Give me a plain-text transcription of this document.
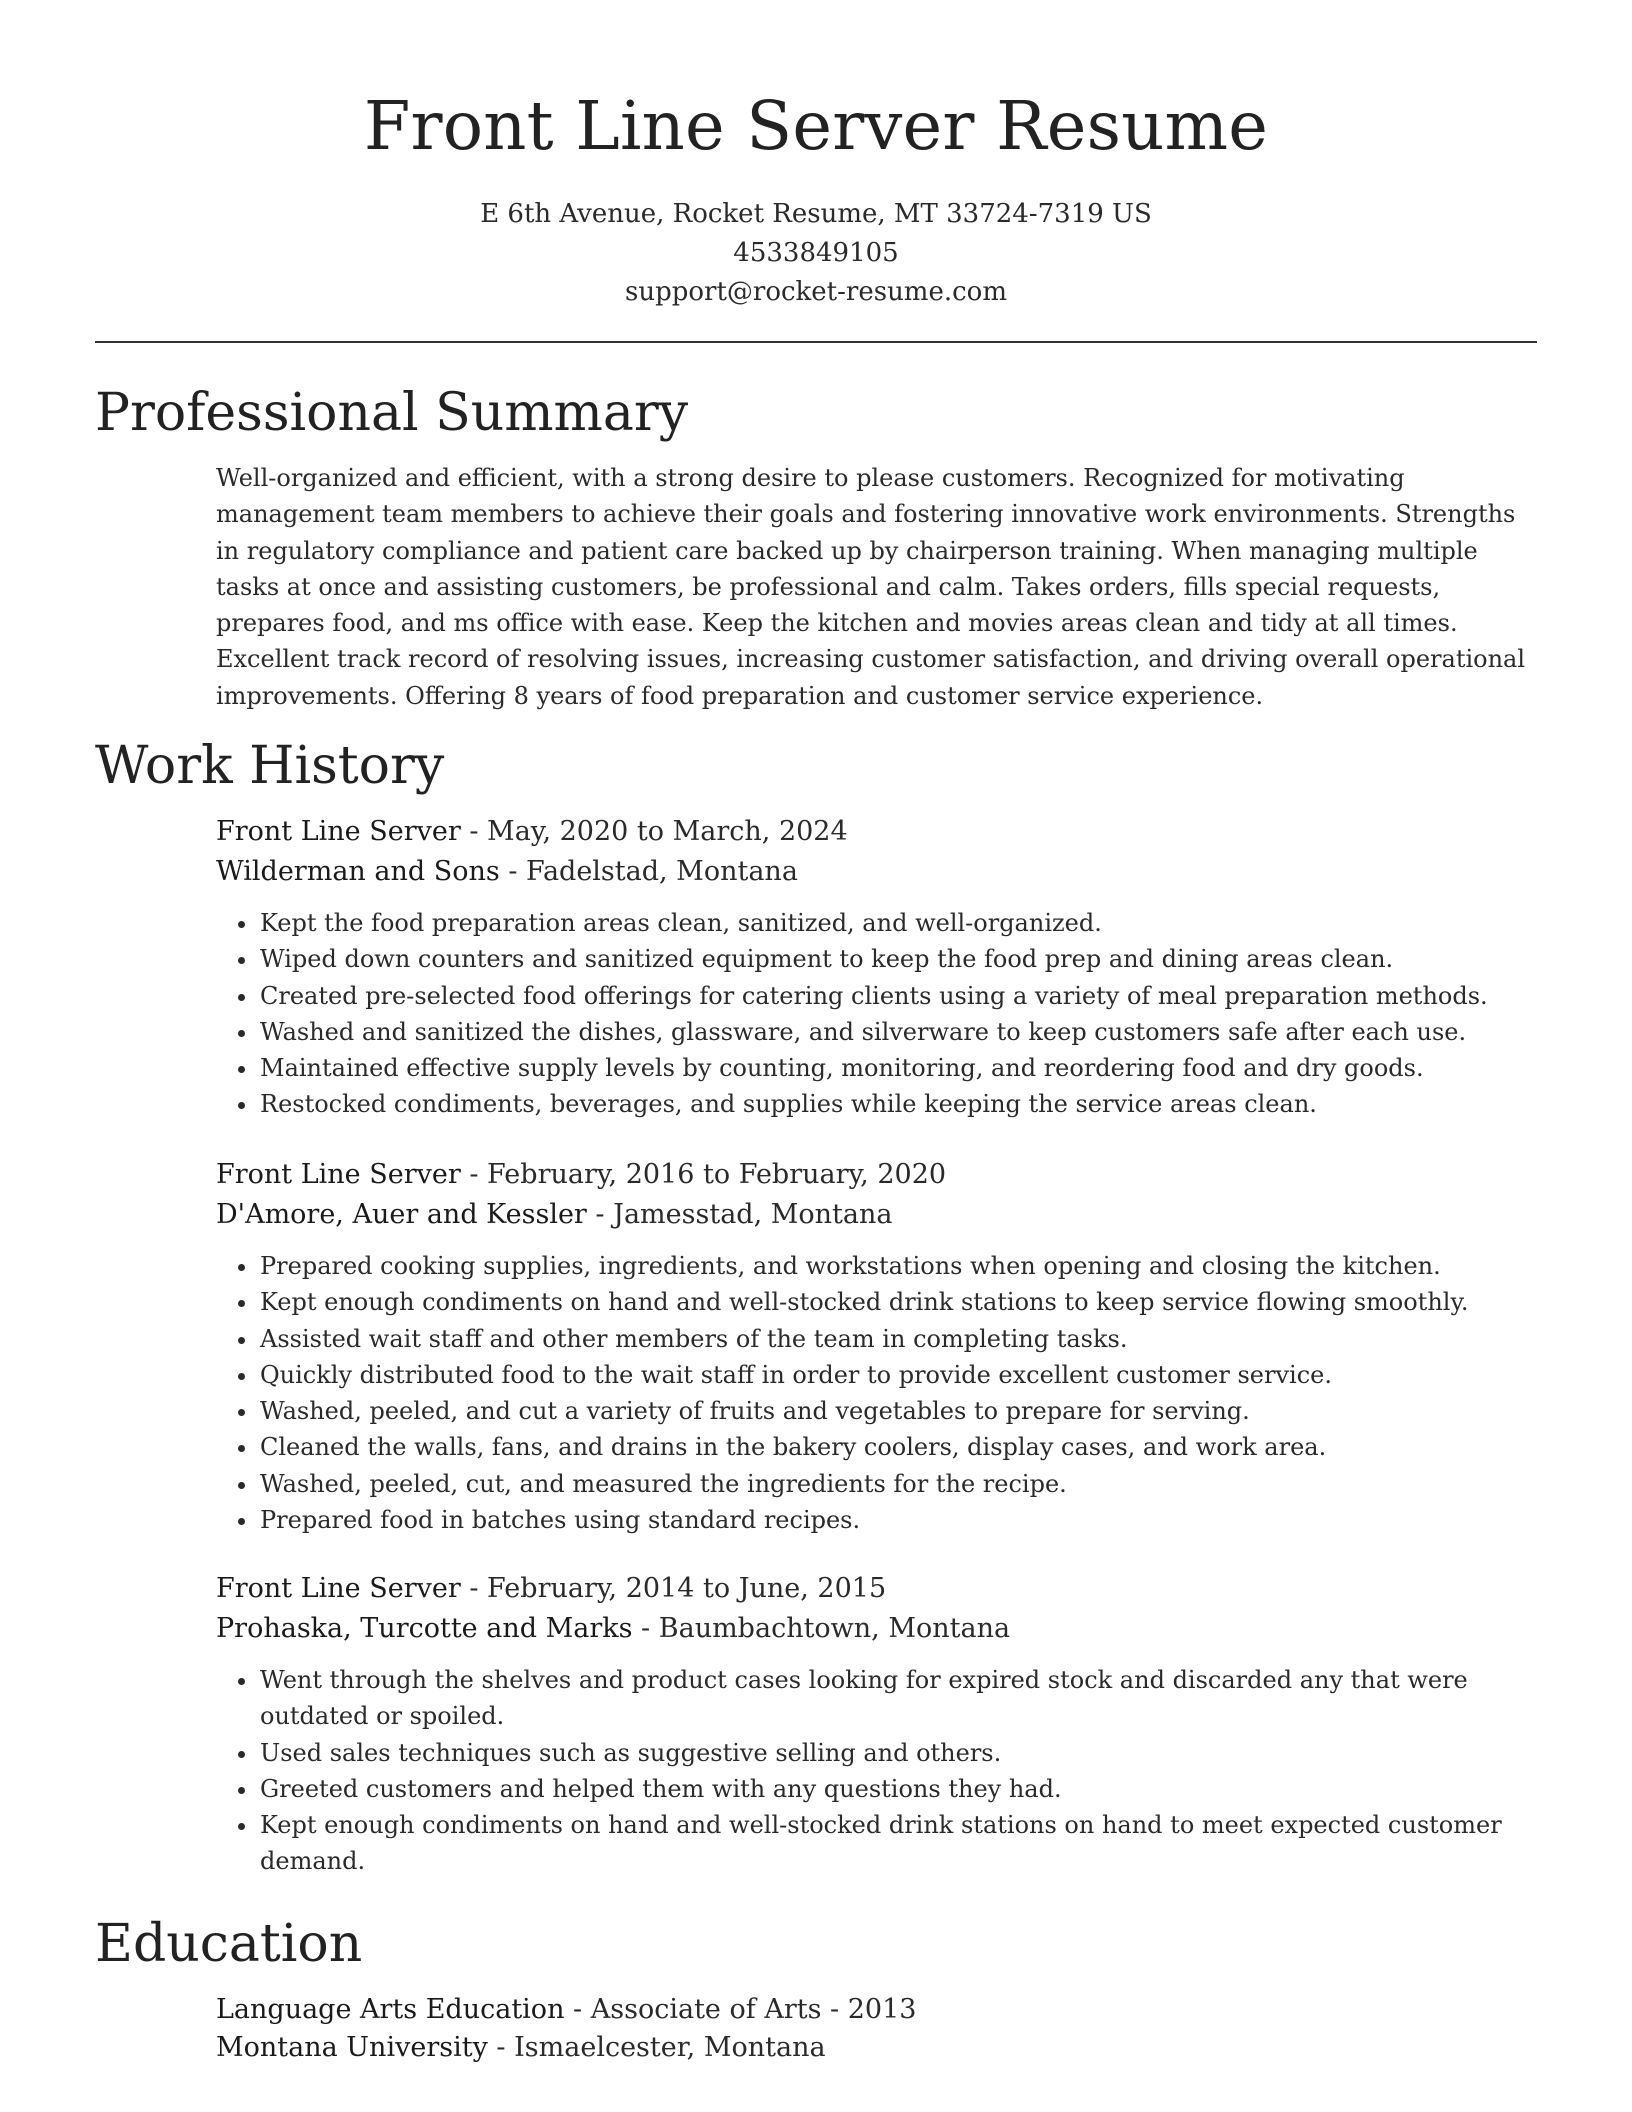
Front Line Server Resume
E 6th Avenue, Rocket Resume, MT 33724-7319 US
4533849105
support@rocket-resume.com
Professional Summary

Well-organized and efficient, with a strong desire to please customers. Recognized for motivating management team members to achieve their goals and fostering innovative work environments. Strengths in regulatory compliance and patient care backed up by chairperson training. When managing multiple tasks at once and assisting customers, be professional and calm. Takes orders, fills special requests, prepares food, and ms office with ease. Keep the kitchen and movies areas clean and tidy at all times. Excellent track record of resolving issues, increasing customer satisfaction, and driving overall operational improvements. Offering 8 years of food preparation and customer service experience.

Work History
Front Line Server - May, 2020 to March, 2024
Wilderman and Sons - Fadelstad, Montana
• Kept the food preparation areas clean, sanitized, and well-organized.
• Wiped down counters and sanitized equipment to keep the food prep and dining areas clean.
• Created pre-selected food offerings for catering clients using a variety of meal preparation methods.
• Washed and sanitized the dishes, glassware, and silverware to keep customers safe after each use.
• Maintained effective supply levels by counting, monitoring, and reordering food and dry goods.
• Restocked condiments, beverages, and supplies while keeping the service areas clean.
Front Line Server - February, 2016 to February, 2020
D'Amore, Auer and Kessler - Jamesstad, Montana
• Prepared cooking supplies, ingredients, and workstations when opening and closing the kitchen.
• Kept enough condiments on hand and well-stocked drink stations to keep service flowing smoothly.
• Assisted wait staff and other members of the team in completing tasks.
• Quickly distributed food to the wait staff in order to provide excellent customer service.
• Washed, peeled, and cut a variety of fruits and vegetables to prepare for serving.
• Cleaned the walls, fans, and drains in the bakery coolers, display cases, and work area.
• Washed, peeled, cut, and measured the ingredients for the recipe.
• Prepared food in batches using standard recipes.
Front Line Server - February, 2014 to June, 2015
Prohaska, Turcotte and Marks - Baumbachtown, Montana
• Went through the shelves and product cases looking for expired stock and discarded any that were outdated or spoiled.
• Used sales techniques such as suggestive selling and others.
• Greeted customers and helped them with any questions they had.
• Kept enough condiments on hand and well-stocked drink stations on hand to meet expected customer demand.
Education
Language Arts Education - Associate of Arts - 2013
Montana University - Ismaelcester, Montana
